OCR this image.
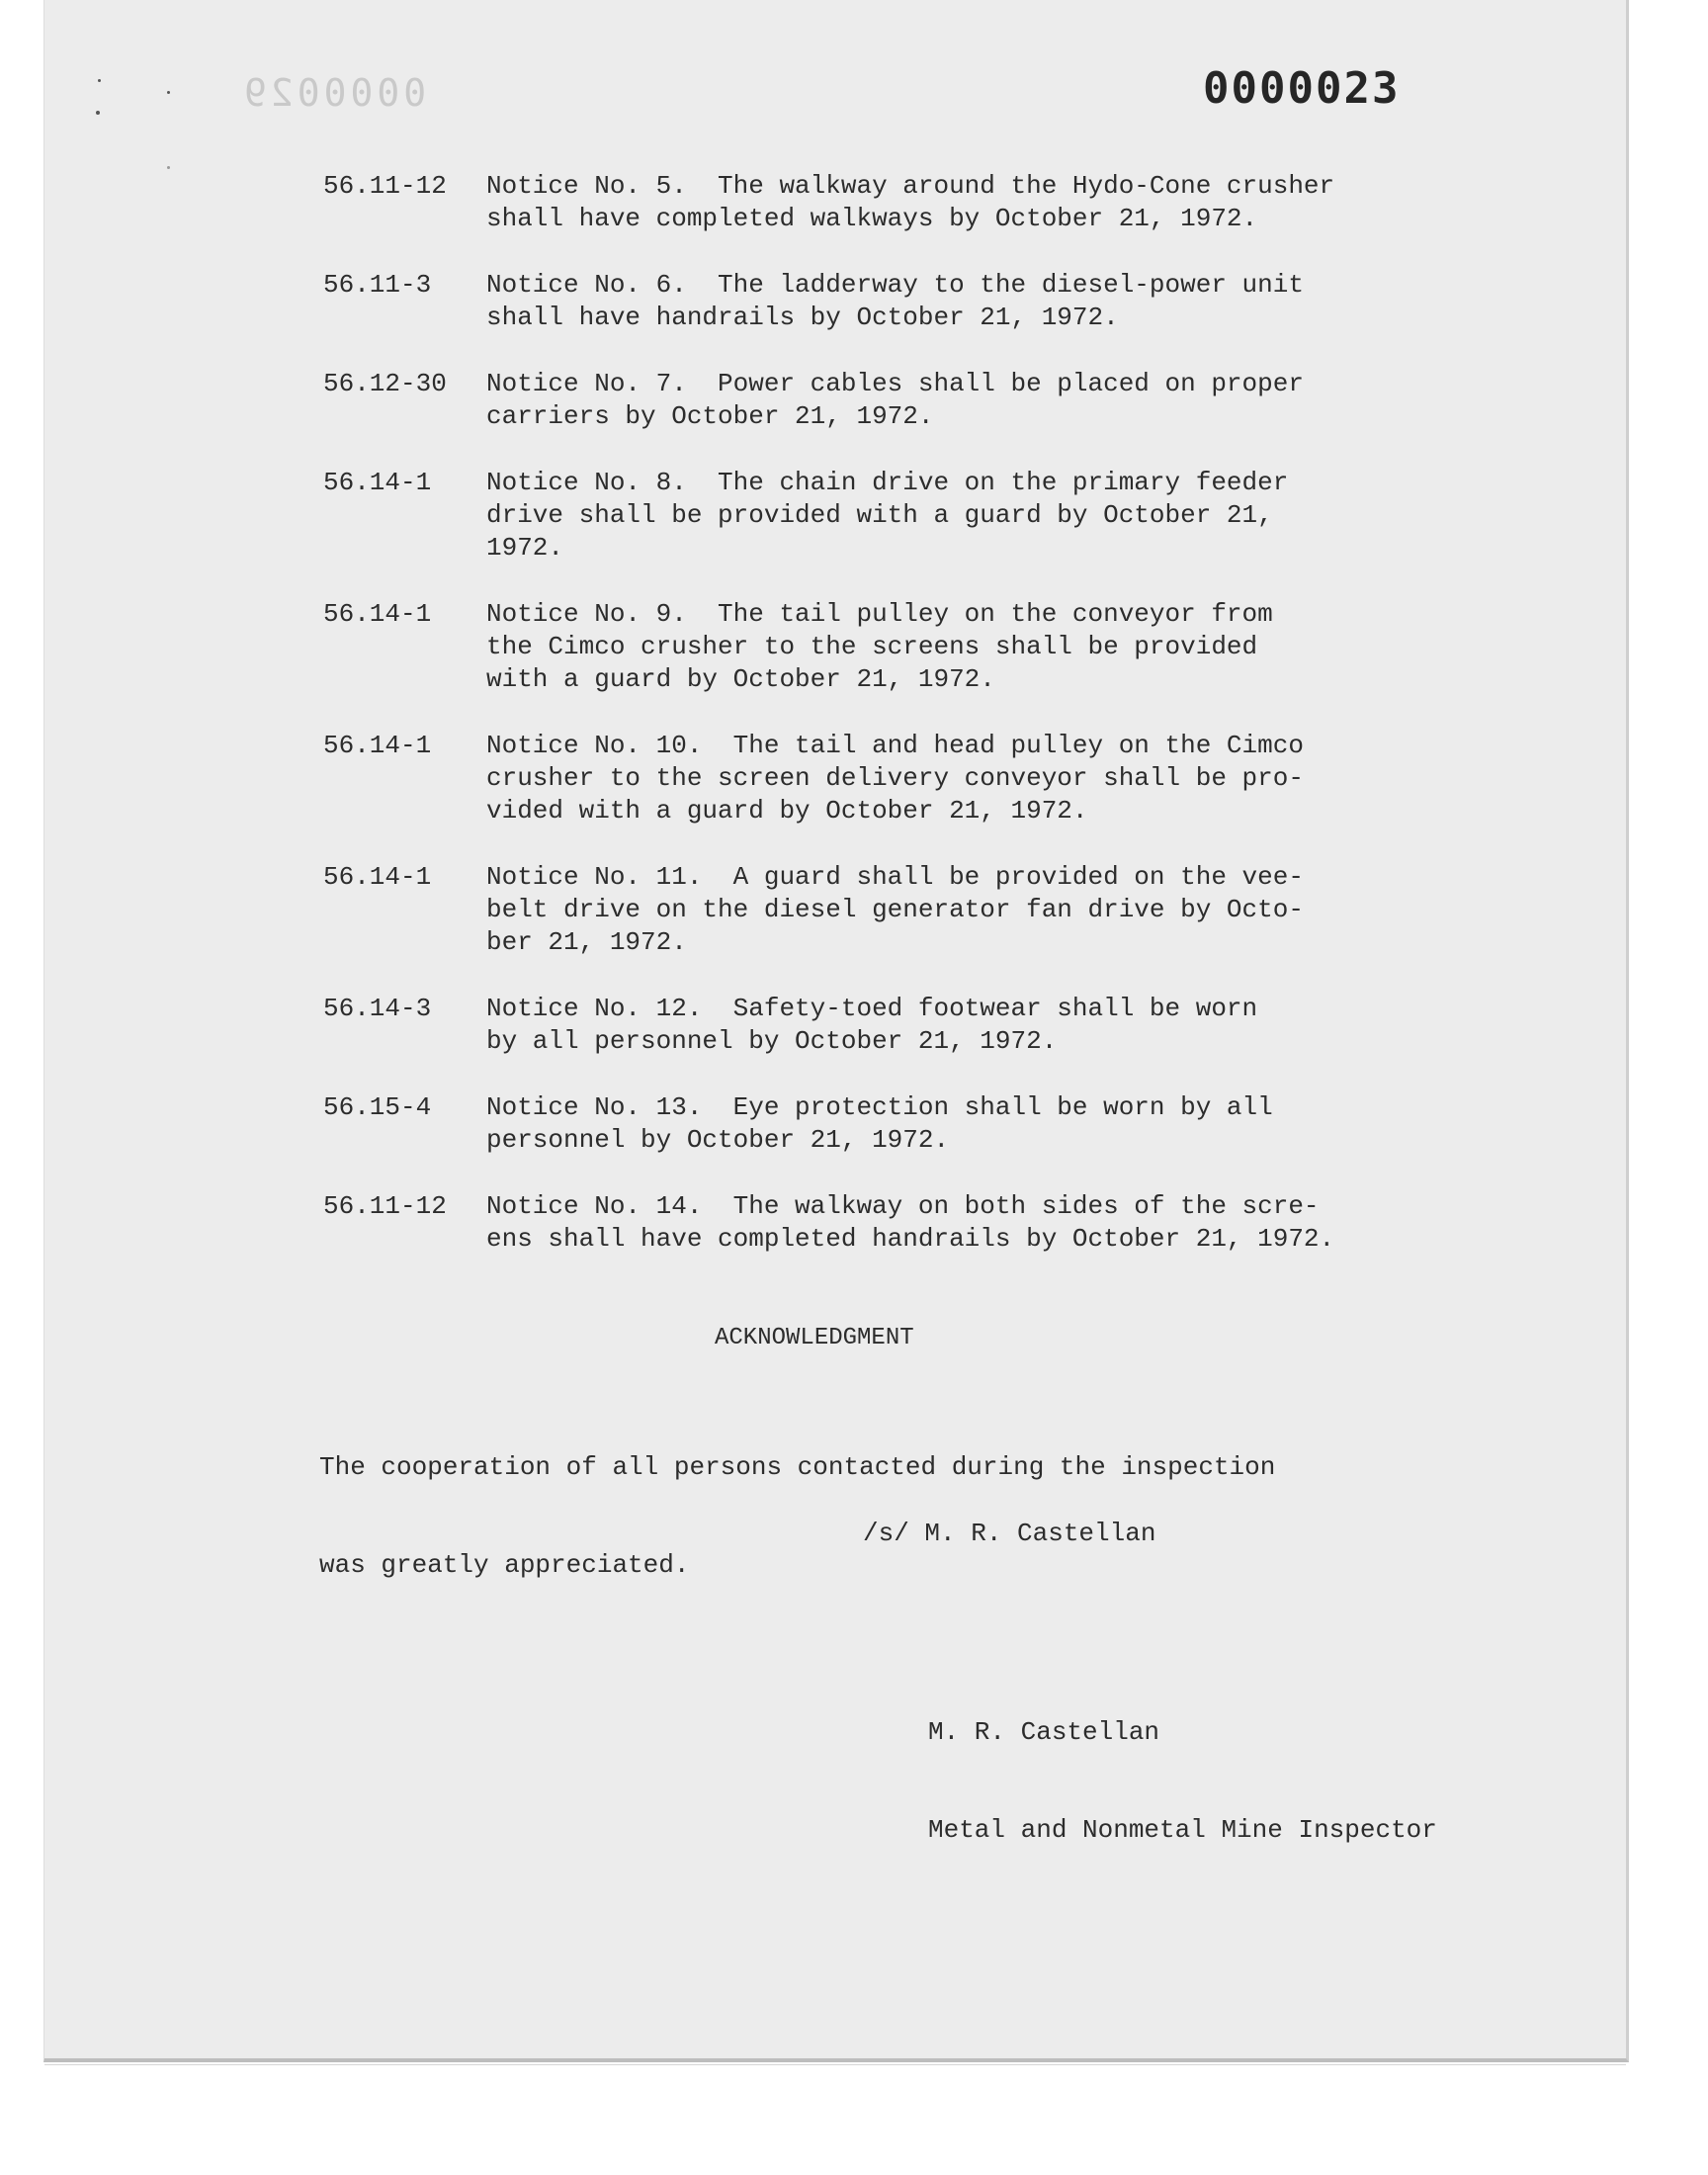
0000029	0000023
56.11-12	Notice No. 5.  The walkway around the Hydo-Cone crusher
shall have completed walkways by October 21, 1972.
56.11-3	Notice No. 6.  The ladderway to the diesel-power unit
shall have handrails by October 21, 1972.
56.12-30	Notice No. 7.  Power cables shall be placed on proper
carriers by October 21, 1972.
56.14-1	Notice No. 8.  The chain drive on the primary feeder
drive shall be provided with a guard by October 21,
1972.
56.14-1	Notice No. 9.  The tail pulley on the conveyor from
the Cimco crusher to the screens shall be provided
with a guard by October 21, 1972.
56.14-1	Notice No. 10.  The tail and head pulley on the Cimco
crusher to the screen delivery conveyor shall be pro-
vided with a guard by October 21, 1972.
56.14-1	Notice No. 11.  A guard shall be provided on the vee-
belt drive on the diesel generator fan drive by Octo-
ber 21, 1972.
56.14-3	Notice No. 12.  Safety-toed footwear shall be worn
by all personnel by October 21, 1972.
56.15-4	Notice No. 13.  Eye protection shall be worn by all
personnel by October 21, 1972.
56.11-12	Notice No. 14.  The walkway on both sides of the scre-
ens shall have completed handrails by October 21, 1972.
ACKNOWLEDGMENT

The cooperation of all persons contacted during the inspection

was greatly appreciated.

/s/ M. R. Castellan

M. R. Castellan

Metal and Nonmetal Mine Inspector
